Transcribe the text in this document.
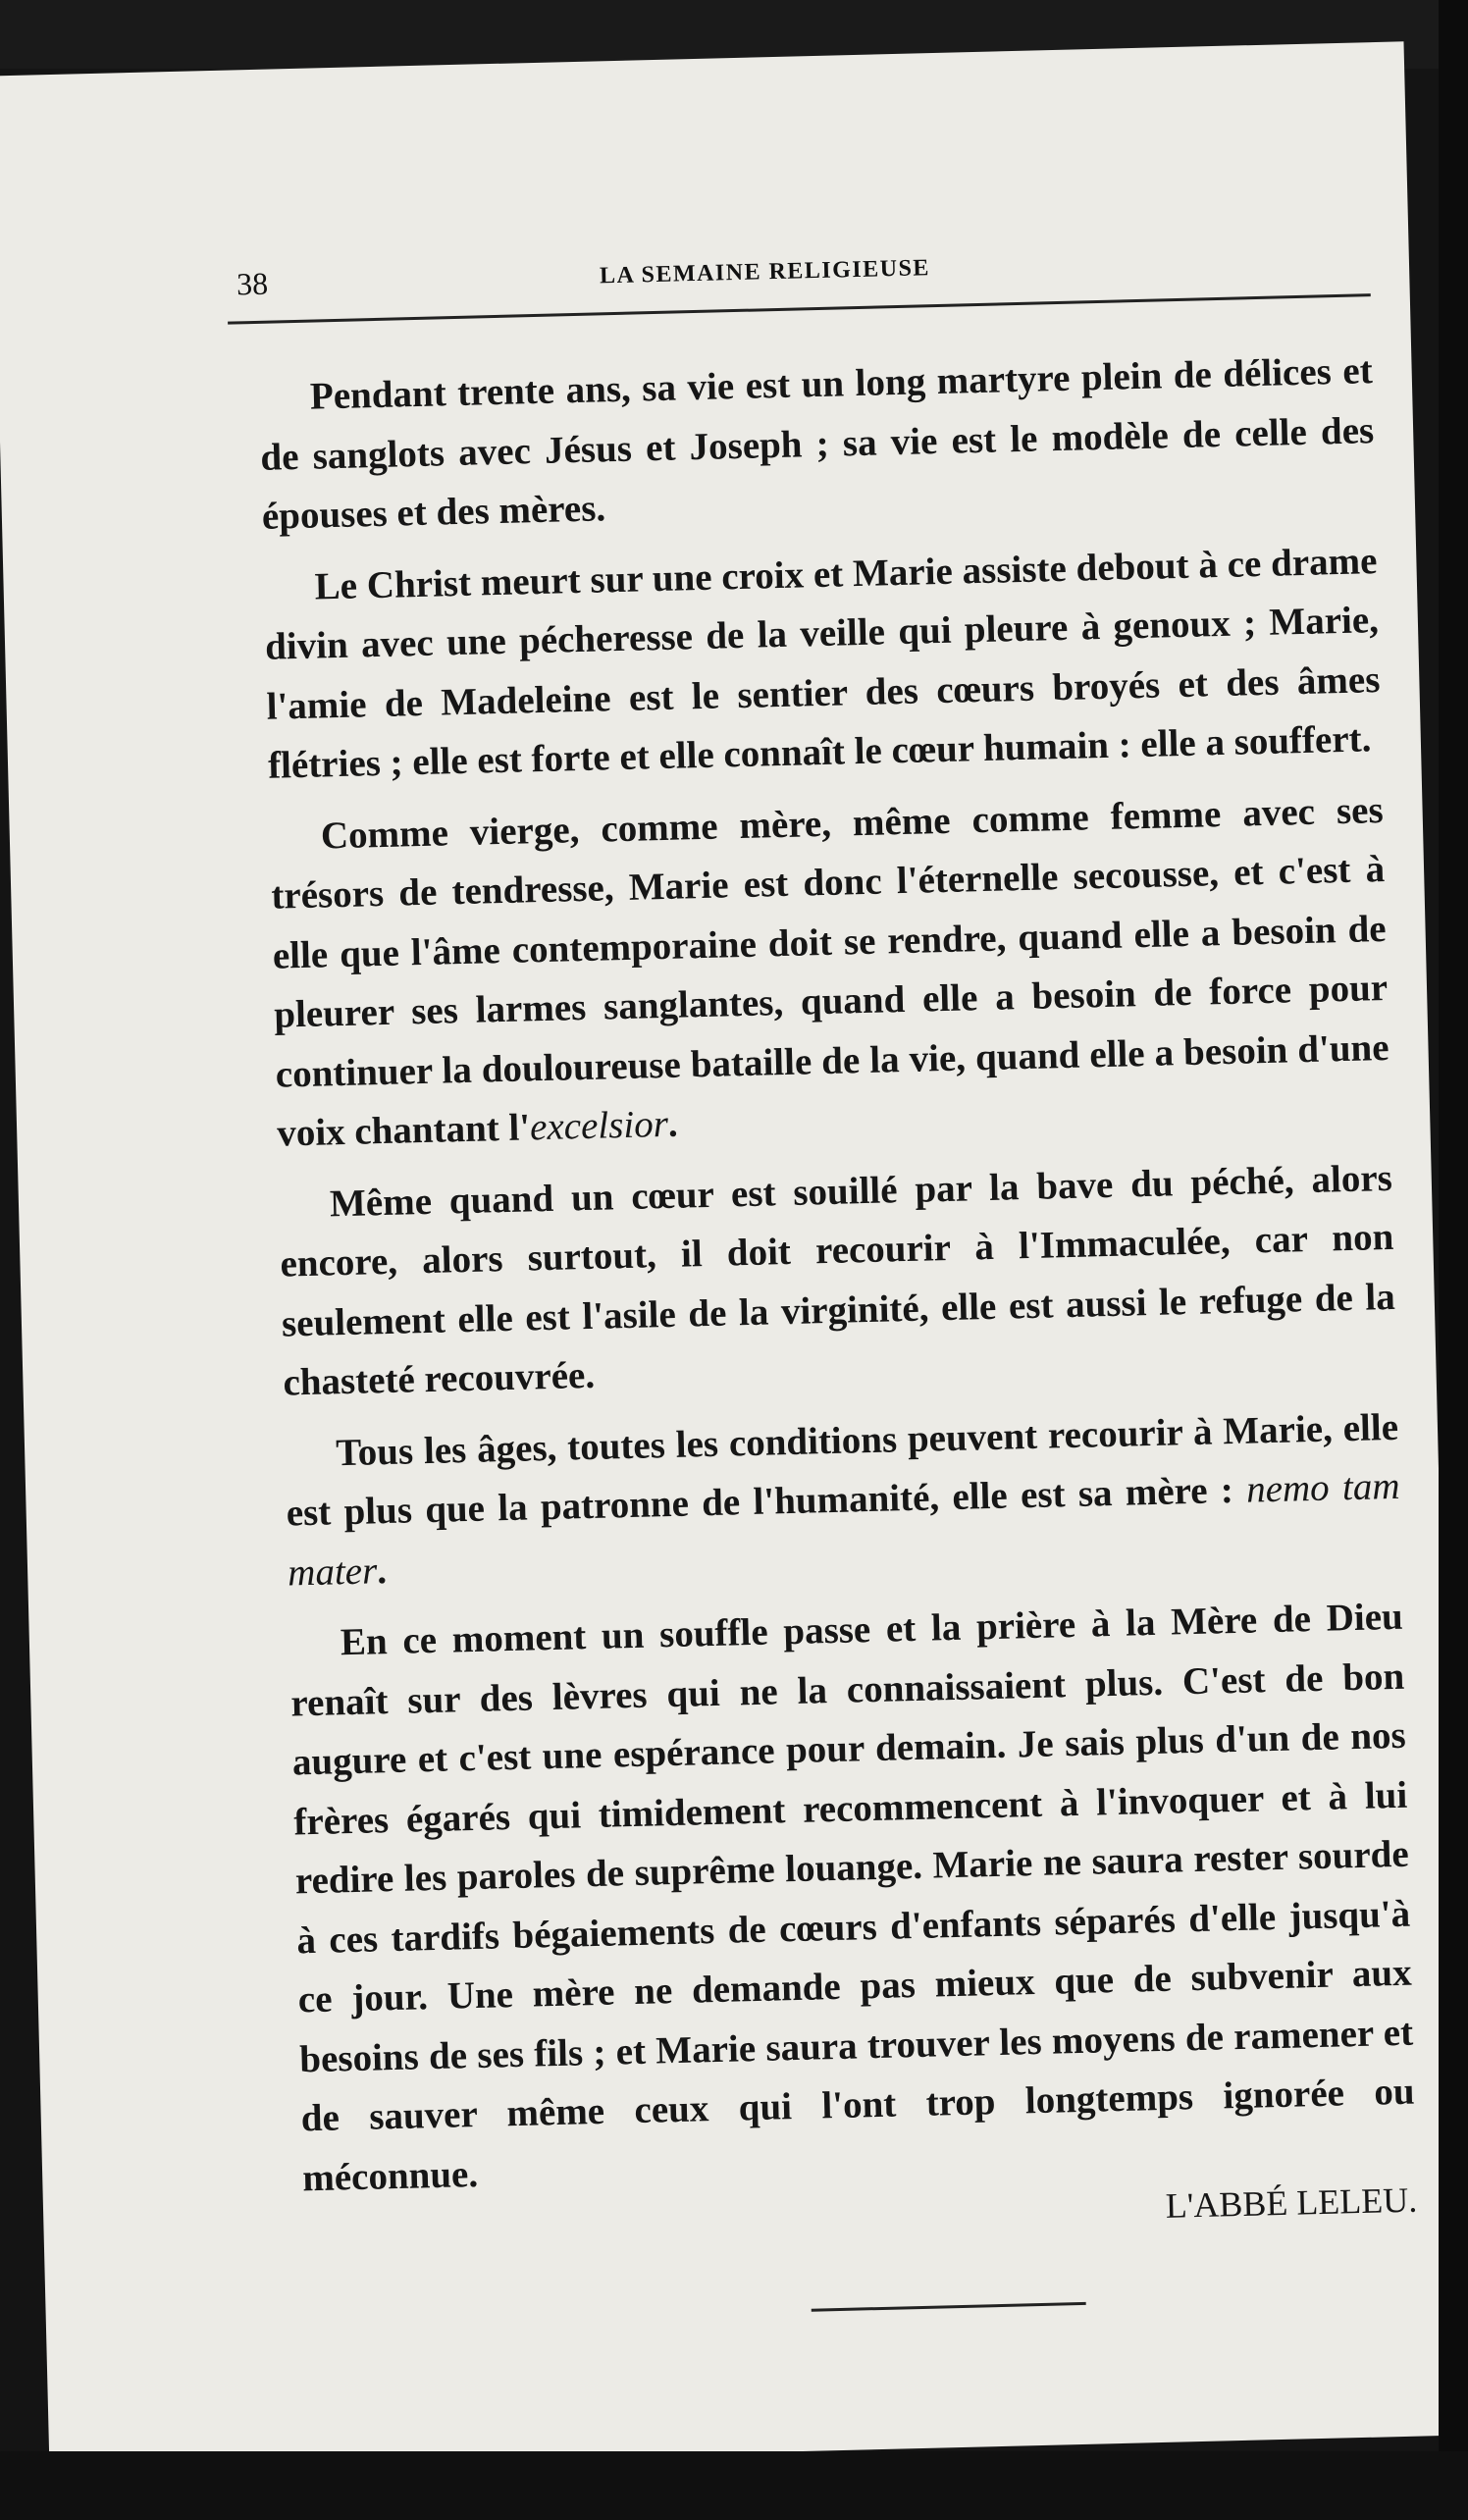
38	LA SEMAINE RELIGIEUSE

Pendant trente ans, sa vie est un long martyre plein de délices et de sanglots avec Jésus et Joseph ; sa vie est le modèle de celle des épouses et des mères.

Le Christ meurt sur une croix et Marie assiste debout à ce drame divin avec une pécheresse de la veille qui pleure à genoux ; Marie, l'amie de Madeleine est le sentier des cœurs broyés et des âmes flétries ; elle est forte et elle connaît le cœur humain : elle a souffert.

Comme vierge, comme mère, même comme femme avec ses trésors de tendresse, Marie est donc l'éternelle secousse, et c'est à elle que l'âme contemporaine doit se rendre, quand elle a besoin de pleurer ses larmes sanglantes, quand elle a besoin de force pour continuer la douloureuse bataille de la vie, quand elle a besoin d'une voix chantant l'excelsior.

Même quand un cœur est souillé par la bave du péché, alors encore, alors surtout, il doit recourir à l'Immaculée, car non seulement elle est l'asile de la virginité, elle est aussi le refuge de la chasteté recouvrée.

Tous les âges, toutes les conditions peuvent recourir à Marie, elle est plus que la patronne de l'humanité, elle est sa mère : nemo tam mater.

En ce moment un souffle passe et la prière à la Mère de Dieu renaît sur des lèvres qui ne la connaissaient plus. C'est de bon augure et c'est une espérance pour demain. Je sais plus d'un de nos frères égarés qui timidement recommencent à l'invoquer et à lui redire les paroles de suprême louange. Marie ne saura rester sourde à ces tardifs bégaiements de cœurs d'enfants séparés d'elle jusqu'à ce jour. Une mère ne demande pas mieux que de subvenir aux besoins de ses fils ; et Marie saura trouver les moyens de ramener et de sauver même ceux qui l'ont trop longtemps ignorée ou méconnue.

L'ABBÉ LELEU.
